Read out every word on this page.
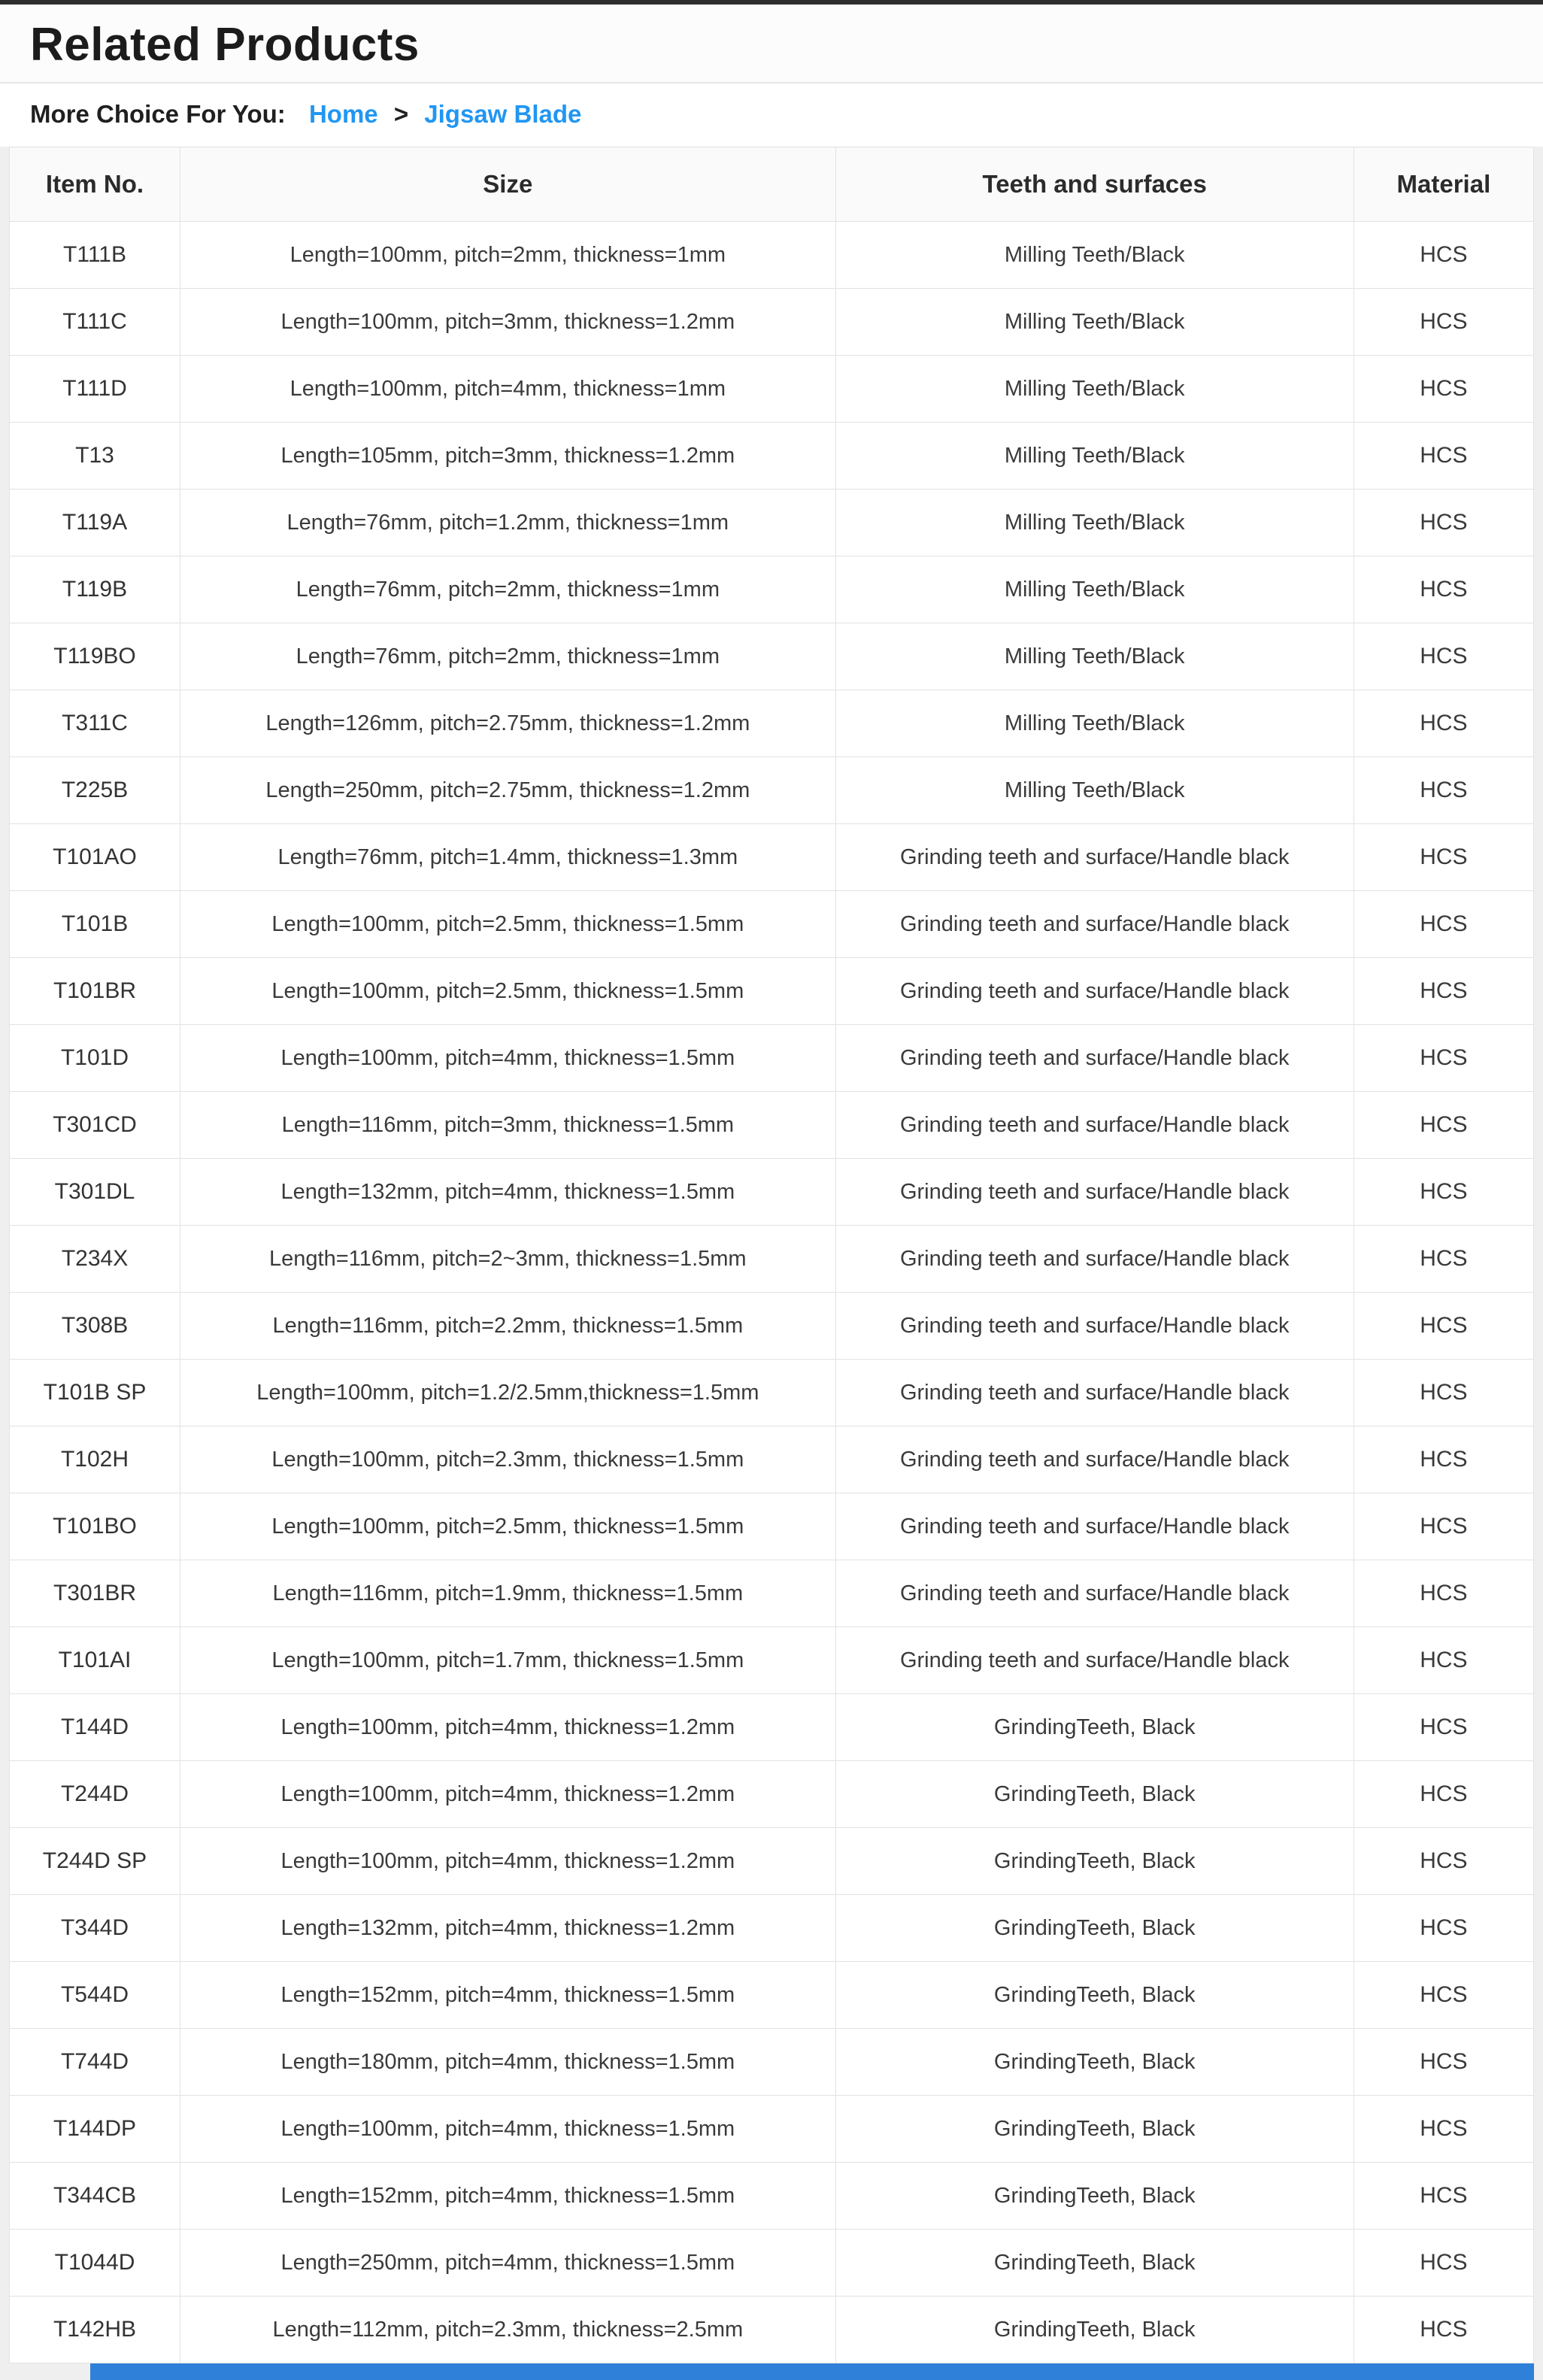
Related Products
More Choice For You: Home > Jigsaw Blade
Item No.	Size	Teeth and surfaces	Material
T111B	Length=100mm, pitch=2mm, thickness=1mm	Milling Teeth/Black	HCS
T111C	Length=100mm, pitch=3mm, thickness=1.2mm	Milling Teeth/Black	HCS
T111D	Length=100mm, pitch=4mm, thickness=1mm	Milling Teeth/Black	HCS
T13	Length=105mm, pitch=3mm, thickness=1.2mm	Milling Teeth/Black	HCS
T119A	Length=76mm, pitch=1.2mm, thickness=1mm	Milling Teeth/Black	HCS
T119B	Length=76mm, pitch=2mm, thickness=1mm	Milling Teeth/Black	HCS
T119BO	Length=76mm, pitch=2mm, thickness=1mm	Milling Teeth/Black	HCS
T311C	Length=126mm, pitch=2.75mm, thickness=1.2mm	Milling Teeth/Black	HCS
T225B	Length=250mm, pitch=2.75mm, thickness=1.2mm	Milling Teeth/Black	HCS
T101AO	Length=76mm, pitch=1.4mm, thickness=1.3mm	Grinding teeth and surface/Handle black	HCS
T101B	Length=100mm, pitch=2.5mm, thickness=1.5mm	Grinding teeth and surface/Handle black	HCS
T101BR	Length=100mm, pitch=2.5mm, thickness=1.5mm	Grinding teeth and surface/Handle black	HCS
T101D	Length=100mm, pitch=4mm, thickness=1.5mm	Grinding teeth and surface/Handle black	HCS
T301CD	Length=116mm, pitch=3mm, thickness=1.5mm	Grinding teeth and surface/Handle black	HCS
T301DL	Length=132mm, pitch=4mm, thickness=1.5mm	Grinding teeth and surface/Handle black	HCS
T234X	Length=116mm, pitch=2~3mm, thickness=1.5mm	Grinding teeth and surface/Handle black	HCS
T308B	Length=116mm, pitch=2.2mm, thickness=1.5mm	Grinding teeth and surface/Handle black	HCS
T101B SP	Length=100mm, pitch=1.2/2.5mm,thickness=1.5mm	Grinding teeth and surface/Handle black	HCS
T102H	Length=100mm, pitch=2.3mm, thickness=1.5mm	Grinding teeth and surface/Handle black	HCS
T101BO	Length=100mm, pitch=2.5mm, thickness=1.5mm	Grinding teeth and surface/Handle black	HCS
T301BR	Length=116mm, pitch=1.9mm, thickness=1.5mm	Grinding teeth and surface/Handle black	HCS
T101AI	Length=100mm, pitch=1.7mm, thickness=1.5mm	Grinding teeth and surface/Handle black	HCS
T144D	Length=100mm, pitch=4mm, thickness=1.2mm	GrindingTeeth, Black	HCS
T244D	Length=100mm, pitch=4mm, thickness=1.2mm	GrindingTeeth, Black	HCS
T244D SP	Length=100mm, pitch=4mm, thickness=1.2mm	GrindingTeeth, Black	HCS
T344D	Length=132mm, pitch=4mm, thickness=1.2mm	GrindingTeeth, Black	HCS
T544D	Length=152mm, pitch=4mm, thickness=1.5mm	GrindingTeeth, Black	HCS
T744D	Length=180mm, pitch=4mm, thickness=1.5mm	GrindingTeeth, Black	HCS
T144DP	Length=100mm, pitch=4mm, thickness=1.5mm	GrindingTeeth, Black	HCS
T344CB	Length=152mm, pitch=4mm, thickness=1.5mm	GrindingTeeth, Black	HCS
T1044D	Length=250mm, pitch=4mm, thickness=1.5mm	GrindingTeeth, Black	HCS
T142HB	Length=112mm, pitch=2.3mm, thickness=2.5mm	GrindingTeeth, Black	HCS
